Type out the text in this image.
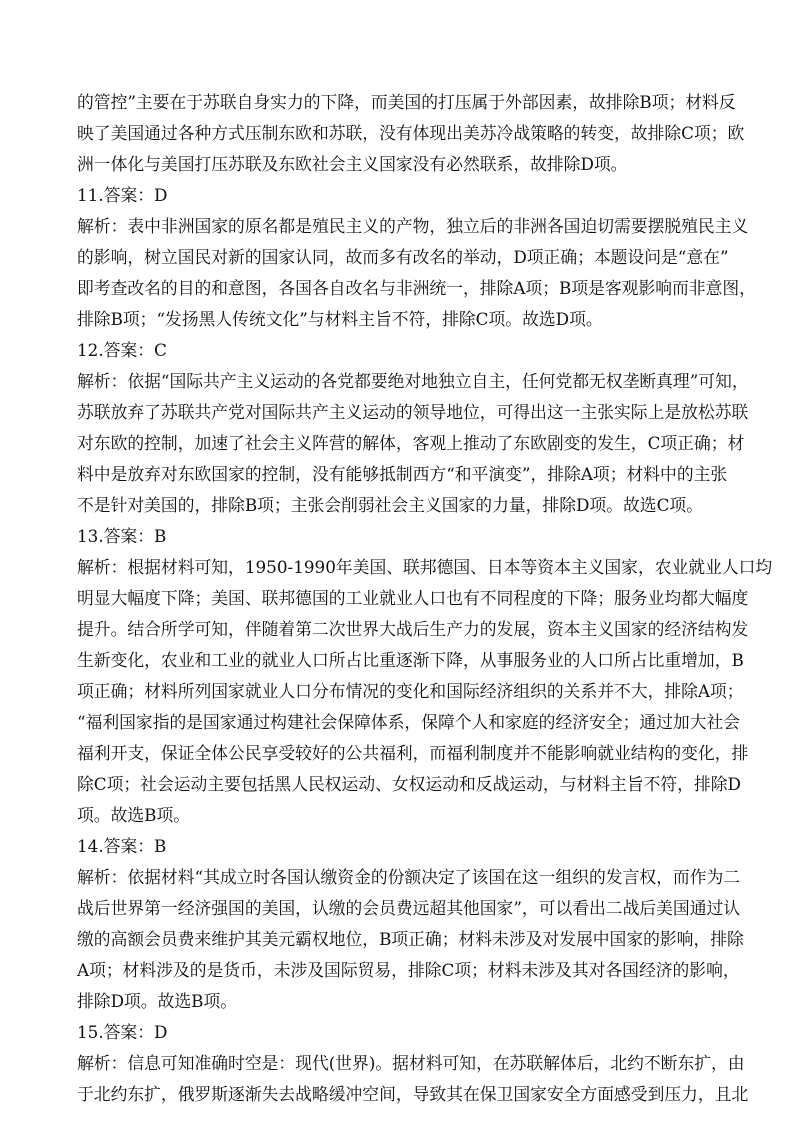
的管控”主要在于苏联自身实力的下降，而美国的打压属于外部因素，故排除B项；材料反
映了美国通过各种方式压制东欧和苏联，没有体现出美苏冷战策略的转变，故排除C项；欧
洲一体化与美国打压苏联及东欧社会主义国家没有必然联系，故排除D项。
11.答案：D
解析：表中非洲国家的原名都是殖民主义的产物，独立后的非洲各国迫切需要摆脱殖民主义
的影响，树立国民对新的国家认同，故而多有改名的举动，D项正确；本题设问是“意在”
即考查改名的目的和意图，各国各自改名与非洲统一，排除A项；B项是客观影响而非意图，
排除B项；“发扬黑人传统文化”与材料主旨不符，排除C项。故选D项。
12.答案：C
解析：依据“国际共产主义运动的各党都要绝对地独立自主，任何党都无权垄断真理”可知，
苏联放弃了苏联共产党对国际共产主义运动的领导地位，可得出这一主张实际上是放松苏联
对东欧的控制，加速了社会主义阵营的解体，客观上推动了东欧剧变的发生，C项正确；材
料中是放弃对东欧国家的控制，没有能够抵制西方“和平演变”，排除A项；材料中的主张
不是针对美国的，排除B项；主张会削弱社会主义国家的力量，排除D项。故选C项。
13.答案：B
解析：根据材料可知，1950-1990年美国、联邦德国、日本等资本主义国家，农业就业人口均
明显大幅度下降；美国、联邦德国的工业就业人口也有不同程度的下降；服务业均都大幅度
提升。结合所学可知，伴随着第二次世界大战后生产力的发展，资本主义国家的经济结构发
生新变化，农业和工业的就业人口所占比重逐渐下降，从事服务业的人口所占比重增加，B
项正确；材料所列国家就业人口分布情况的变化和国际经济组织的关系并不大，排除A项；
“福利国家指的是国家通过构建社会保障体系，保障个人和家庭的经济安全；通过加大社会
福利开支，保证全体公民享受较好的公共福利，而福利制度并不能影响就业结构的变化，排
除C项；社会运动主要包括黑人民权运动、女权运动和反战运动，与材料主旨不符，排除D
项。故选B项。
14.答案：B
解析：依据材料“其成立时各国认缴资金的份额决定了该国在这一组织的发言权，而作为二
战后世界第一经济强国的美国，认缴的会员费远超其他国家”，可以看出二战后美国通过认
缴的高额会员费来维护其美元霸权地位，B项正确；材料未涉及对发展中国家的影响，排除
A项；材料涉及的是货币，未涉及国际贸易，排除C项；材料未涉及其对各国经济的影响，
排除D项。故选B项。
15.答案：D
解析：信息可知准确时空是：现代(世界)。据材料可知，在苏联解体后，北约不断东扩，由
于北约东扩，俄罗斯逐渐失去战略缓冲空间，导致其在保卫国家安全方面感受到压力，且北
